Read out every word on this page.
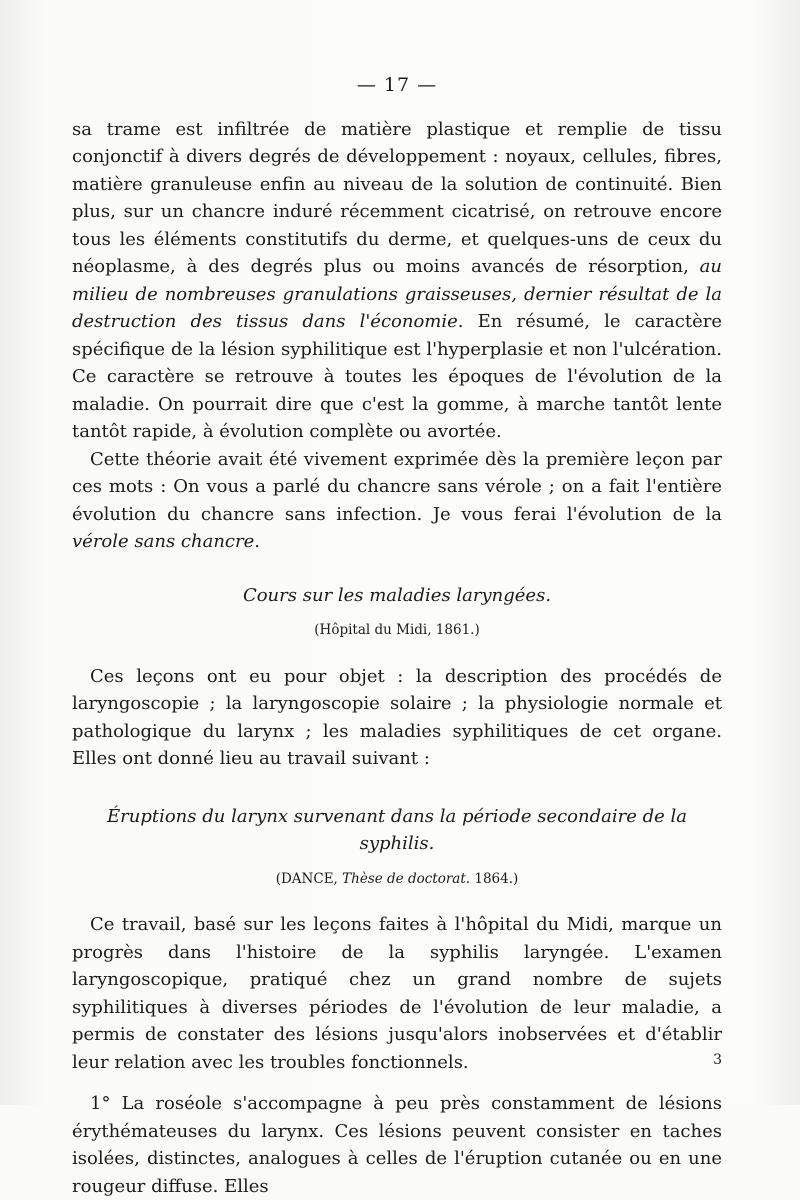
— 17 —

sa trame est infiltrée de matière plastique et remplie de tissu conjonctif à divers degrés de développement : noyaux, cellules, fibres, matière granuleuse enfin au niveau de la solution de continuité. Bien plus, sur un chancre induré récemment cicatrisé, on retrouve encore tous les éléments constitutifs du derme, et quelques-uns de ceux du néoplasme, à des degrés plus ou moins avancés de résorption, au milieu de nombreuses granulations graisseuses, dernier résultat de la destruction des tissus dans l'économie. En résumé, le caractère spécifique de la lésion syphilitique est l'hyperplasie et non l'ulcération. Ce caractère se retrouve à toutes les époques de l'évolution de la maladie. On pourrait dire que c'est la gomme, à marche tantôt lente tantôt rapide, à évolution complète ou avortée.

Cette théorie avait été vivement exprimée dès la première leçon par ces mots : On vous a parlé du chancre sans vérole ; on a fait l'entière évolution du chancre sans infection. Je vous ferai l'évolution de la vérole sans chancre.

Cours sur les maladies laryngées.
(Hôpital du Midi, 1861.)

Ces leçons ont eu pour objet : la description des procédés de laryngoscopie ; la laryngoscopie solaire ; la physiologie normale et pathologique du larynx ; les maladies syphilitiques de cet organe. Elles ont donné lieu au travail suivant :

Éruptions du larynx survenant dans la période secondaire de la syphilis.
(DANCE, Thèse de doctorat. 1864.)

Ce travail, basé sur les leçons faites à l'hôpital du Midi, marque un progrès dans l'histoire de la syphilis laryngée. L'examen laryngoscopique, pratiqué chez un grand nombre de sujets syphilitiques à diverses périodes de l'évolution de leur maladie, a permis de constater des lésions jusqu'alors inobservées et d'établir leur relation avec les troubles fonctionnels.

1° La roséole s'accompagne à peu près constamment de lésions érythémateuses du larynx. Ces lésions peuvent consister en taches isolées, distinctes, analogues à celles de l'éruption cutanée ou en une rougeur diffuse. Elles

3
